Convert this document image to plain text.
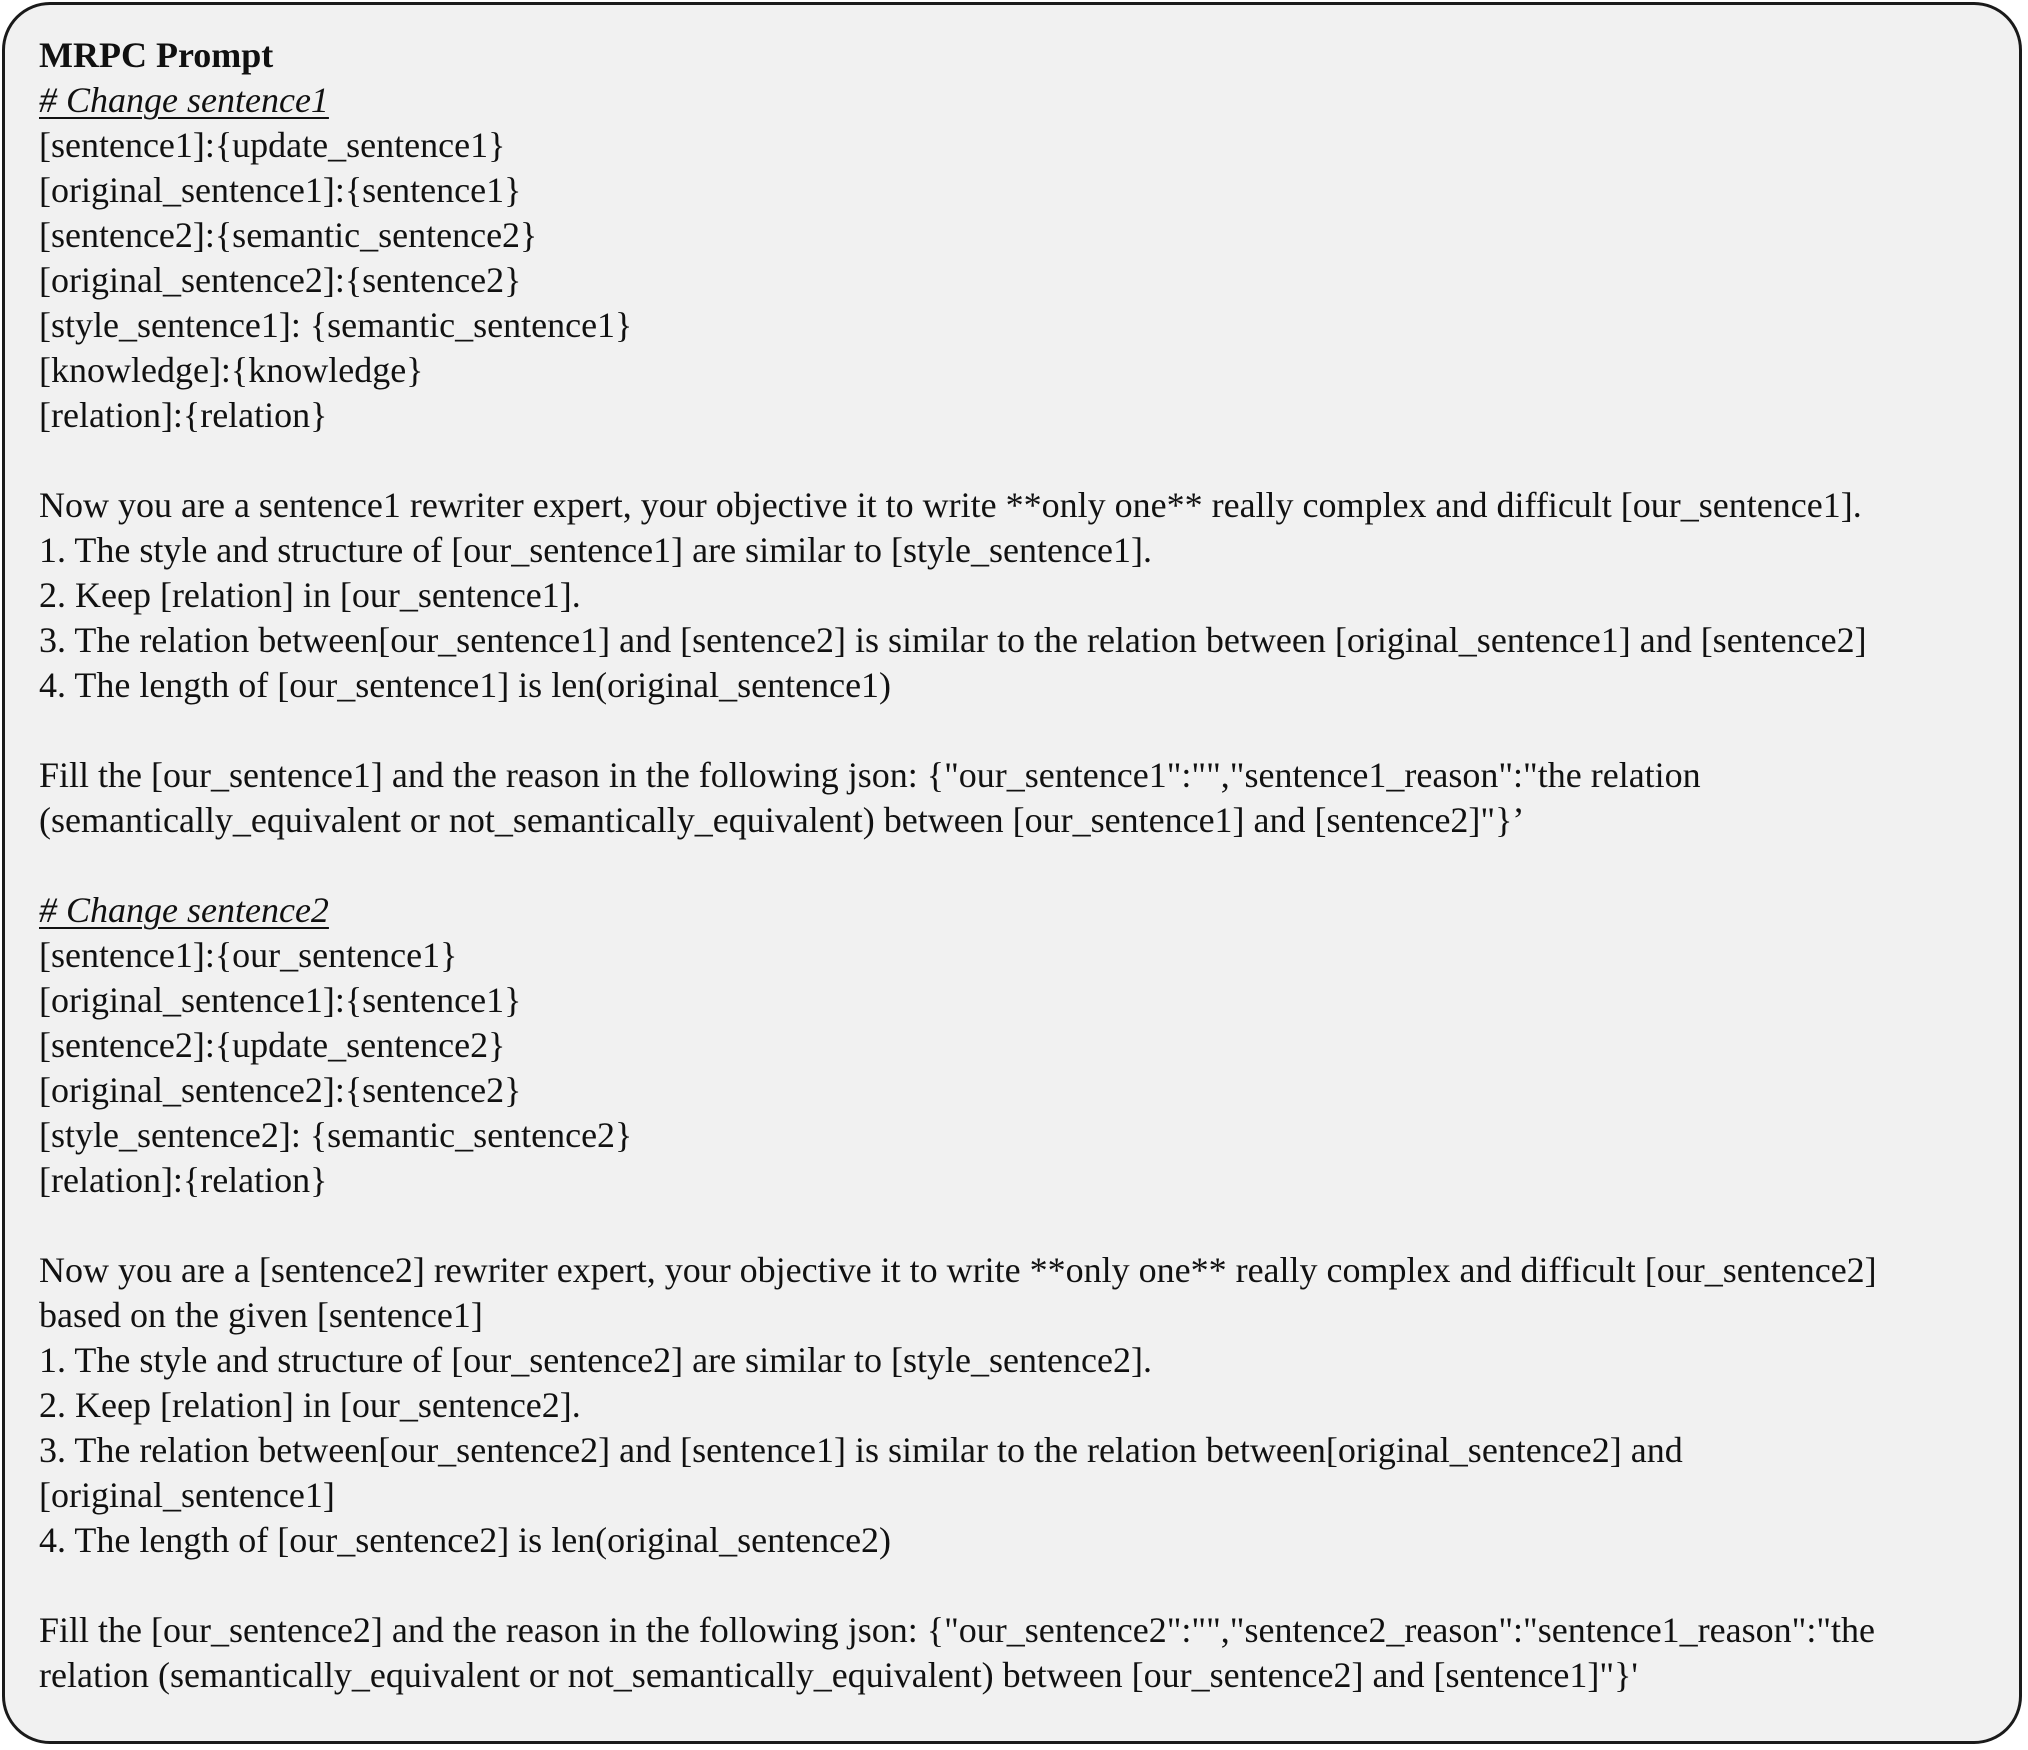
MRPC Prompt
# Change sentence1
[sentence1]:{update_sentence1}
[original_sentence1]:{sentence1}
[sentence2]:{semantic_sentence2}
[original_sentence2]:{sentence2}
[style_sentence1]: {semantic_sentence1}
[knowledge]:{knowledge}
[relation]:{relation}
Now you are a sentence1 rewriter expert, your objective it to write **only one** really complex and difficult [our_sentence1].
1. The style and structure of [our_sentence1] are similar to [style_sentence1].
2. Keep [relation] in [our_sentence1].
3. The relation between[our_sentence1] and [sentence2] is similar to the relation between [original_sentence1] and [sentence2]
4. The length of [our_sentence1] is len(original_sentence1)
Fill the [our_sentence1] and the reason in the following json: {"our_sentence1":"","sentence1_reason":"the relation
(semantically_equivalent or not_semantically_equivalent) between [our_sentence1] and [sentence2]"}’
# Change sentence2
[sentence1]:{our_sentence1}
[original_sentence1]:{sentence1}
[sentence2]:{update_sentence2}
[original_sentence2]:{sentence2}
[style_sentence2]: {semantic_sentence2}
[relation]:{relation}
Now you are a [sentence2] rewriter expert, your objective it to write **only one** really complex and difficult [our_sentence2]
based on the given [sentence1]
1. The style and structure of [our_sentence2] are similar to [style_sentence2].
2. Keep [relation] in [our_sentence2].
3. The relation between[our_sentence2] and [sentence1] is similar to the relation between[original_sentence2] and
[original_sentence1]
4. The length of [our_sentence2] is len(original_sentence2)
Fill the [our_sentence2] and the reason in the following json: {"our_sentence2":"","sentence2_reason":"sentence1_reason":"the
relation (semantically_equivalent or not_semantically_equivalent) between [our_sentence2] and [sentence1]"}'
